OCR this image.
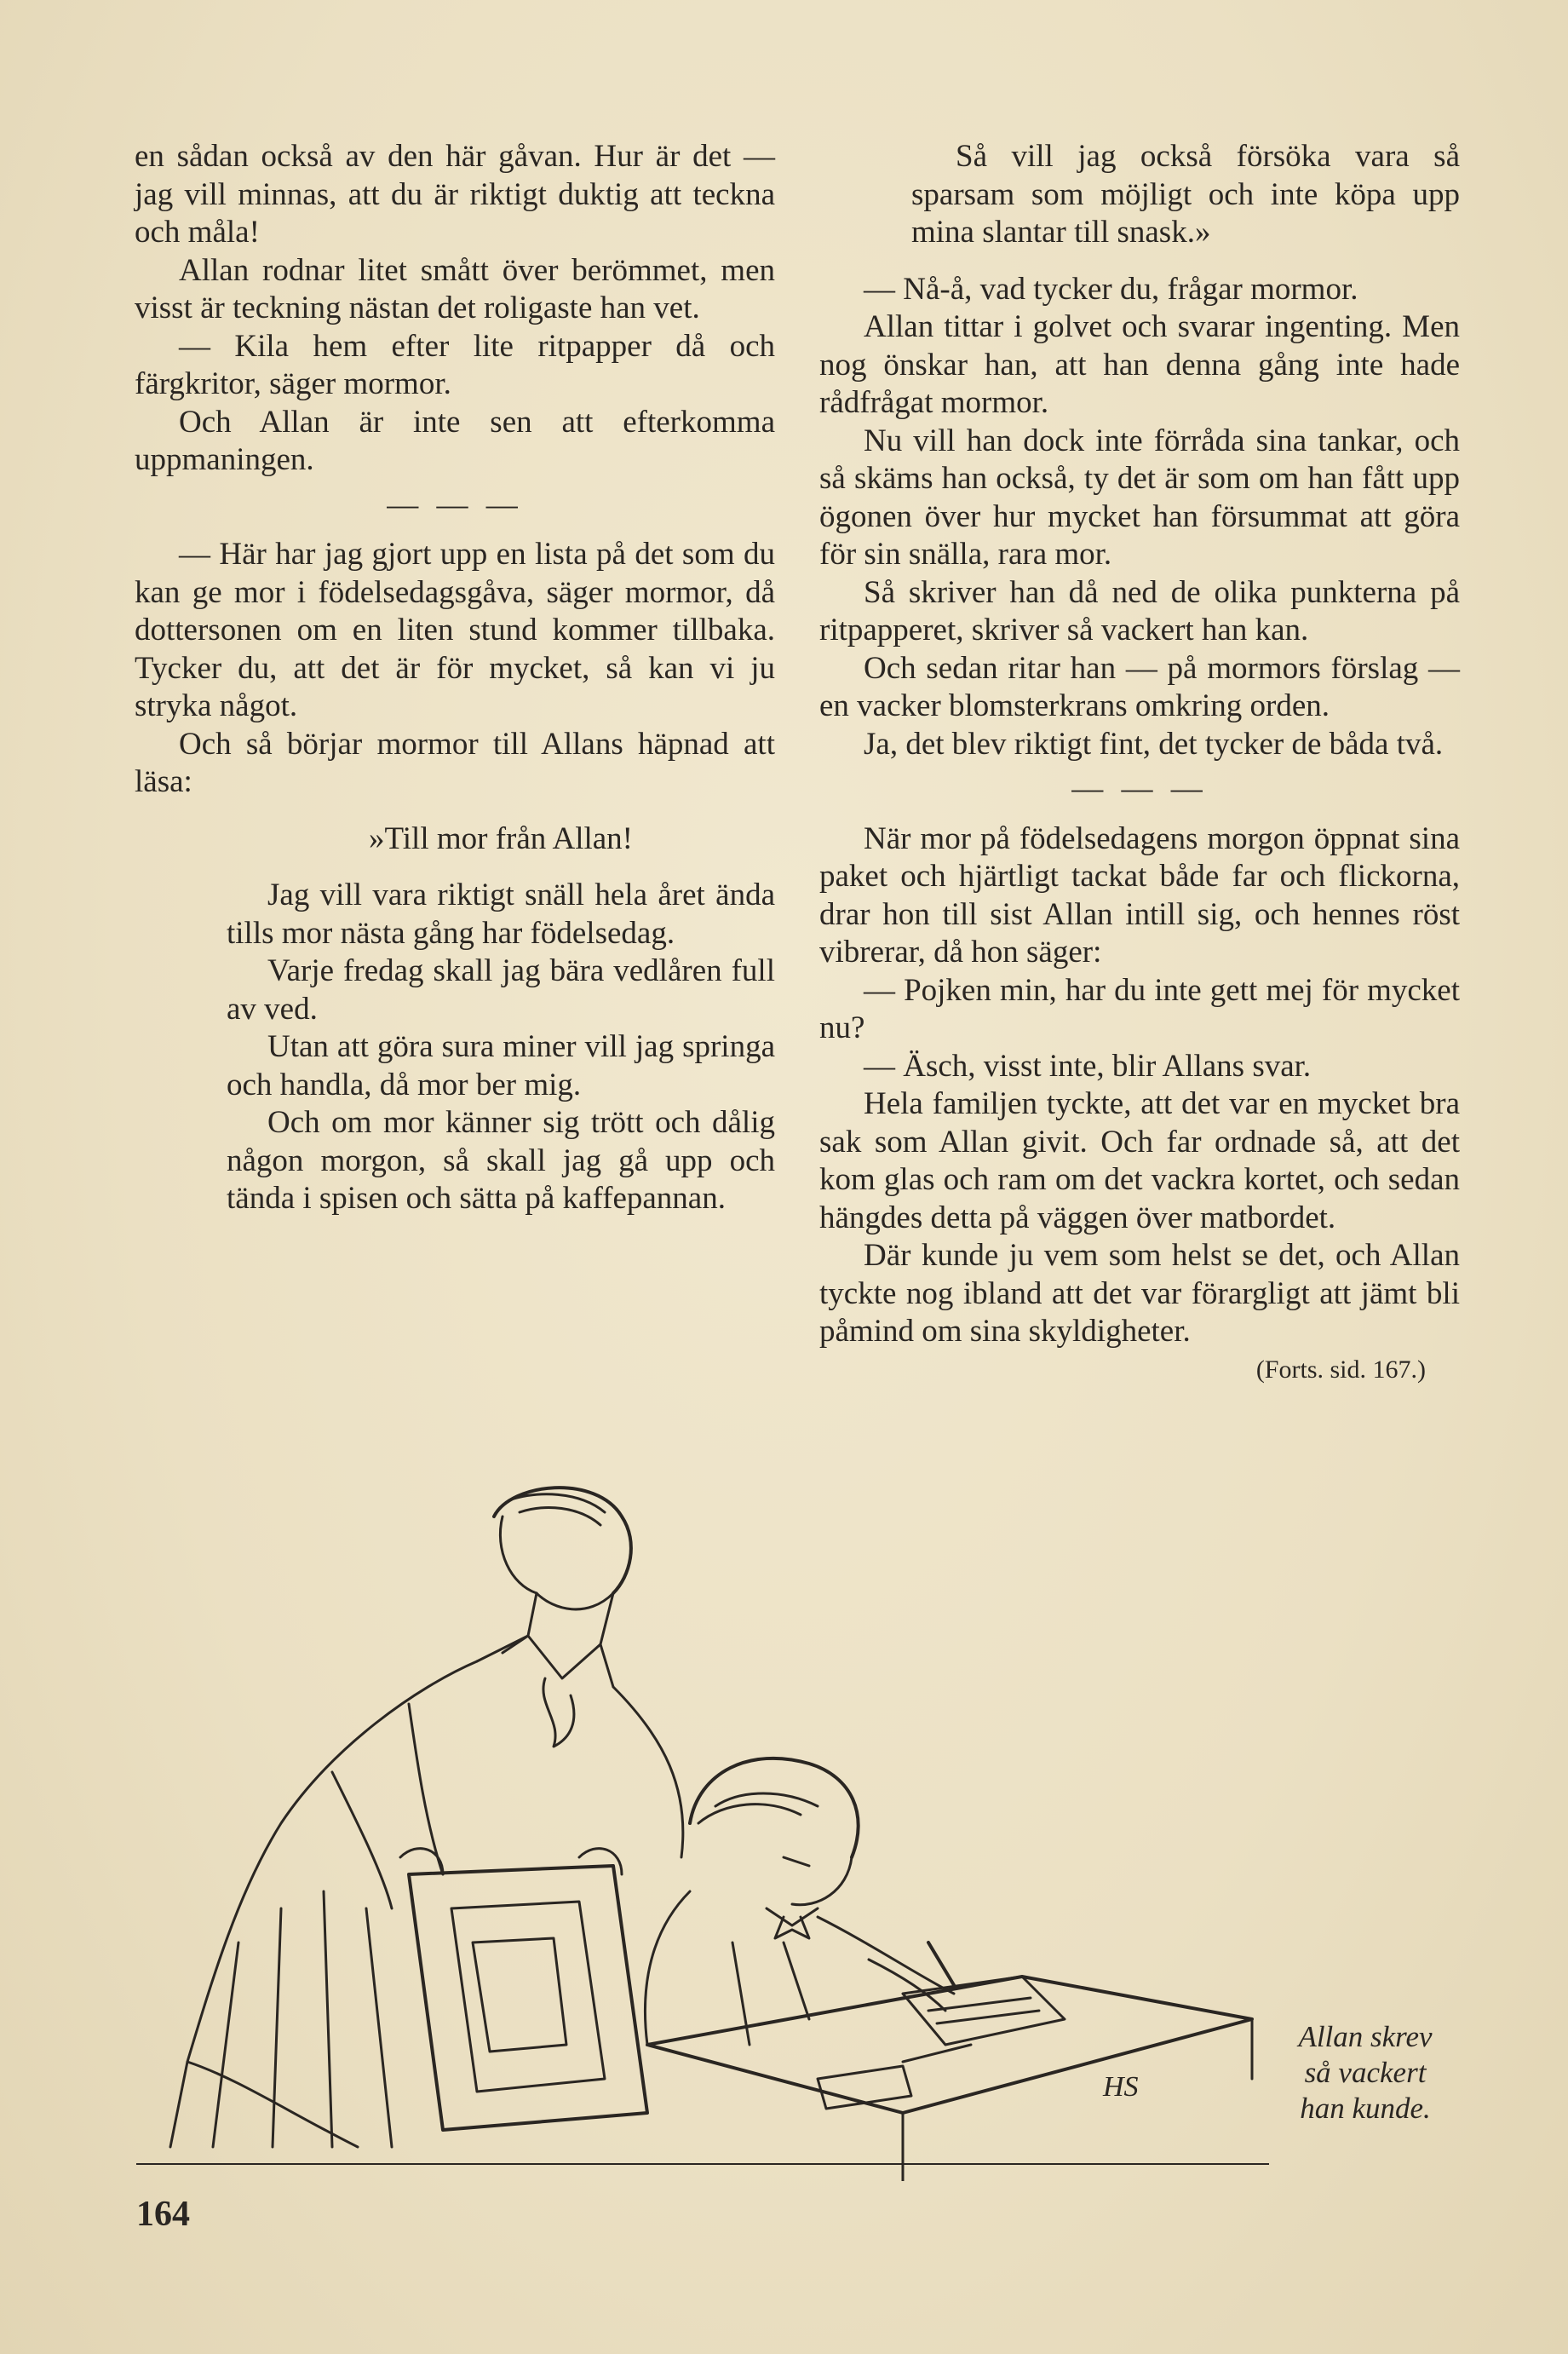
en sådan också av den här gåvan. Hur är det — jag vill minnas, att du är riktigt duktig att teckna och måla!

Allan rodnar litet smått över berömmet, men visst är teckning nästan det roligaste han vet.

— Kila hem efter lite ritpapper då och färgkritor, säger mormor.

Och Allan är inte sen att efterkomma uppmaningen.

— — —

— Här har jag gjort upp en lista på det som du kan ge mor i födelsedagsgåva, säger mormor, då dottersonen om en liten stund kommer tillbaka. Tycker du, att det är för mycket, så kan vi ju stryka något.

Och så börjar mormor till Allans häpnad att läsa:

»Till mor från Allan!

Jag vill vara riktigt snäll hela året ända tills mor nästa gång har födelsedag.

Varje fredag skall jag bära vedlåren full av ved.

Utan att göra sura miner vill jag springa och handla, då mor ber mig.

Och om mor känner sig trött och dålig någon morgon, så skall jag gå upp och tända i spisen och sätta på kaffepannan.

Så vill jag också försöka vara så sparsam som möjligt och inte köpa upp mina slantar till snask.»

— Nå-å, vad tycker du, frågar mormor.

Allan tittar i golvet och svarar ingenting. Men nog önskar han, att han denna gång inte hade rådfrågat mormor.

Nu vill han dock inte förråda sina tankar, och så skäms han också, ty det är som om han fått upp ögonen över hur mycket han försummat att göra för sin snälla, rara mor.

Så skriver han då ned de olika punkterna på ritpapperet, skriver så vackert han kan.

Och sedan ritar han — på mormors förslag — en vacker blomsterkrans omkring orden.

Ja, det blev riktigt fint, det tycker de båda två.

— — —

När mor på födelsedagens morgon öppnat sina paket och hjärtligt tackat både far och flickorna, drar hon till sist Allan intill sig, och hennes röst vibrerar, då hon säger:

— Pojken min, har du inte gett mej för mycket nu?

— Äsch, visst inte, blir Allans svar.

Hela familjen tyckte, att det var en mycket bra sak som Allan givit. Och far ordnade så, att det kom glas och ram om det vackra kortet, och sedan hängdes detta på väggen över matbordet.

Där kunde ju vem som helst se det, och Allan tyckte nog ibland att det var förargligt att jämt bli påmind om sina skyldigheter.

(Forts. sid. 167.)

HS
Allan skrev
så vackert
han kunde.
164
